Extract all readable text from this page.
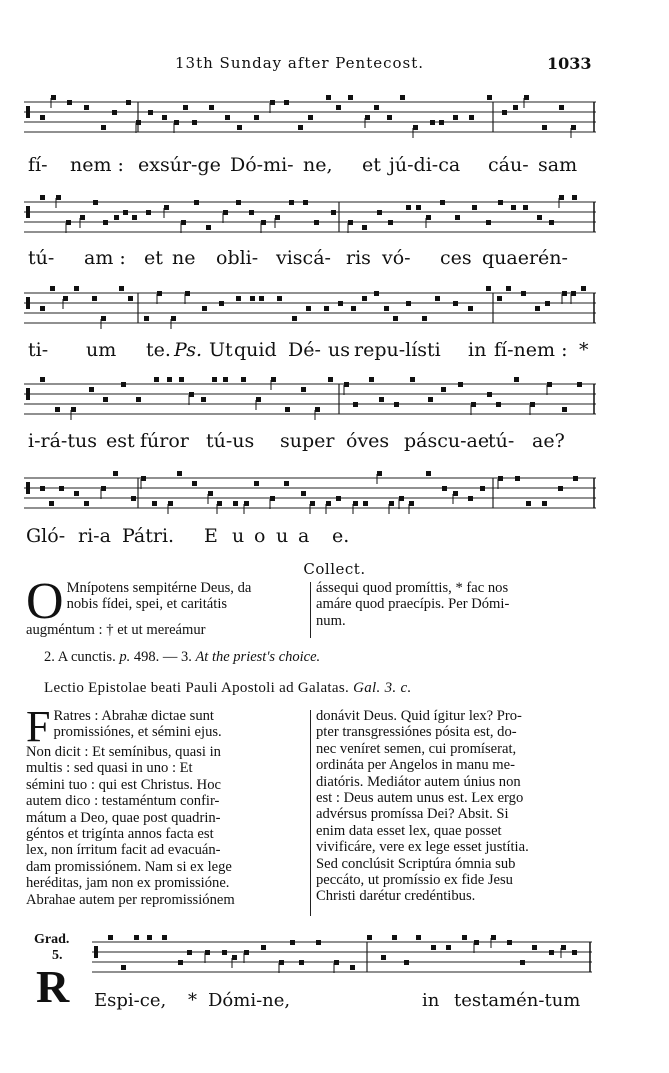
13th Sunday after Pentecost.	1033
fí- nem : exsúr-ge Dó-mi- ne, et jú-di-ca cáu- sam
tú- am : et ne obli- viscá- ris vó- ces quaerén-
ti- um te. Ps. Ut quid Dé- us repu-lísti in fí-nem : *
i-rá-tus est fúror tú-us super óves páscu-ae
tú- ae?
Gló- ri-a Pátri. E u o u a e.
Collect.
O Mnípotens sempitérne Deus, da

nobis fídei, spei, et caritátis

augméntum : † et ut mereámur

ássequi quod promíttis, * fac nos

amáre quod praecípis. Per Dómi-

num.

2. A cunctis. p. 498. — 3. At the priest's choice.
Lectio Epistolae beati Pauli Apostoli ad Galatas. Gal. 3. c.
F Ratres : Abrahæ dictae sunt

promissiónes, et sémini ejus.

Non dicit : Et semínibus, quasi in

multis : sed quasi in uno : Et

sémini tuo : qui est Christus. Hoc

autem dico : testaméntum confir-

mátum a Deo, quae post quadrin-

géntos et trigínta annos facta est

lex, non írritum facit ad evacuán-

dam promissiónem. Nam si ex lege

heréditas, jam non ex promissióne.

Abrahae autem per repromissiónem

donávit Deus. Quid ígitur lex? Pro-

pter transgressiónes pósita est, do-

nec veníret semen, cui promíserat,

ordináta per Angelos in manu me-

diatóris. Mediátor autem únius non

est : Deus autem unus est. Lex ergo

advérsus promíssa Dei? Absit. Si

enim data esset lex, quae posset

vivificáre, vere ex lege esset justítia.

Sed conclúsit Scriptúra ómnia sub

peccáto, ut promíssio ex fide Jesu

Christi darétur credéntibus.

Grad.
5.
R Espi-ce, * Dómi-ne,	in testamén-tum
